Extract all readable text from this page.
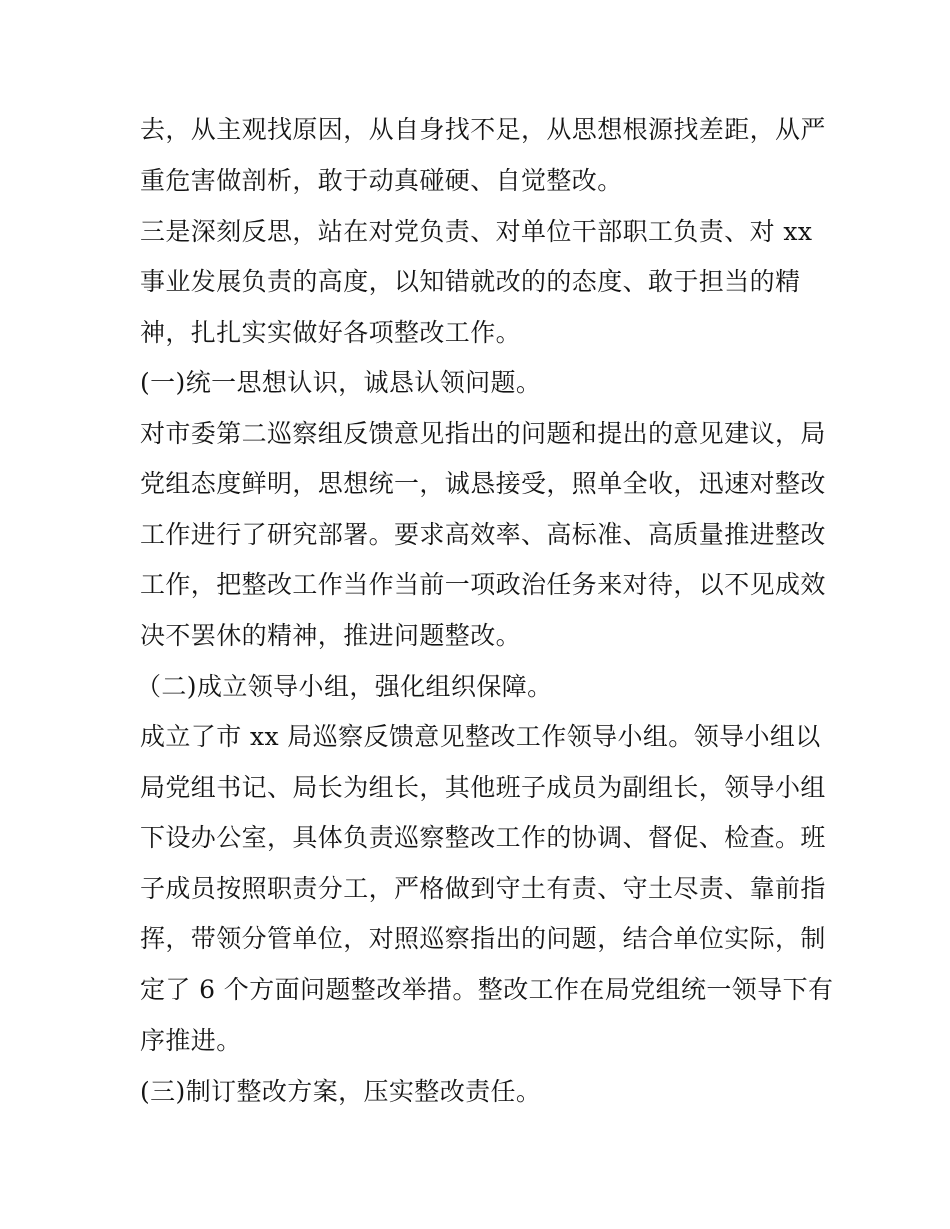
去，从主观找原因，从自身找不足，从思想根源找差距，从严
重危害做剖析，敢于动真碰硬、自觉整改。
三是深刻反思，站在对党负责、对单位干部职工负责、对 xx
事业发展负责的高度，以知错就改的的态度、敢于担当的精
神，扎扎实实做好各项整改工作。
(一)统一思想认识，诚恳认领问题。
对市委第二巡察组反馈意见指出的问题和提出的意见建议，局
党组态度鲜明，思想统一，诚恳接受，照单全收，迅速对整改
工作进行了研究部署。要求高效率、高标准、高质量推进整改
工作，把整改工作当作当前一项政治任务来对待，以不见成效
决不罢休的精神，推进问题整改。
（二)成立领导小组，强化组织保障。
成立了市 xx 局巡察反馈意见整改工作领导小组。领导小组以
局党组书记、局长为组长，其他班子成员为副组长，领导小组
下设办公室，具体负责巡察整改工作的协调、督促、检查。班
子成员按照职责分工，严格做到守土有责、守土尽责、靠前指
挥，带领分管单位，对照巡察指出的问题，结合单位实际，制
定了 6 个方面问题整改举措。整改工作在局党组统一领导下有
序推进。
(三)制订整改方案，压实整改责任。
